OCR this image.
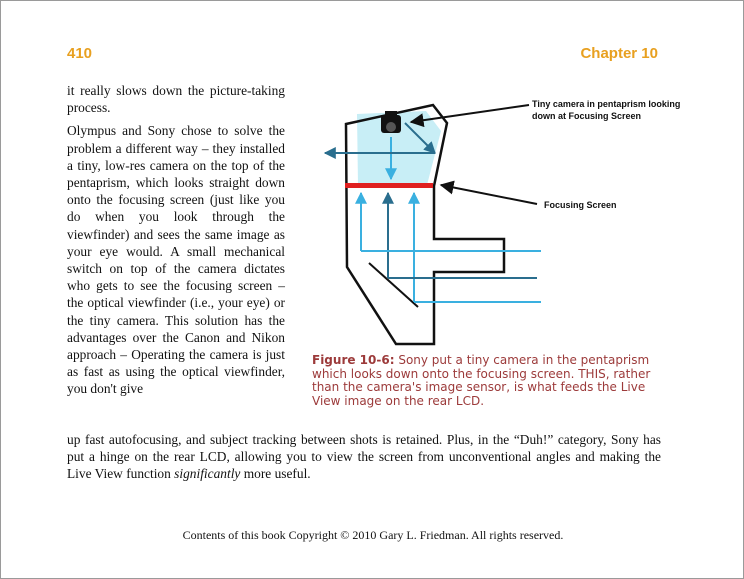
410	Chapter 10

it really slows down the picture-taking process.

Olympus and Sony chose to solve the problem a different way – they installed a tiny, low-res camera on the top of the pentaprism, which looks straight down onto the focusing screen (just like you do when you look through the viewfinder) and sees the same image as your eye would. A small mechanical switch on top of the camera dictates who gets to see the focusing screen – the optical viewfinder (i.e., your eye) or the tiny camera. This solution has the advantages over the Canon and Nikon approach – Operating the camera is just as fast as using the optical viewfinder, you don't give

Tiny camera in pentaprism looking down at Focusing Screen
Focusing Screen
Figure 10-6: Sony put a tiny camera in the pentaprism which looks down onto the focusing screen. THIS, rather than the camera's image sensor, is what feeds the Live View image on the rear LCD.

up fast autofocusing, and subject tracking between shots is retained. Plus, in the “Duh!” category, Sony has put a hinge on the rear LCD, allowing you to view the screen from unconventional angles and making the Live View function significantly more useful.

Contents of this book Copyright © 2010 Gary L. Friedman. All rights reserved.
